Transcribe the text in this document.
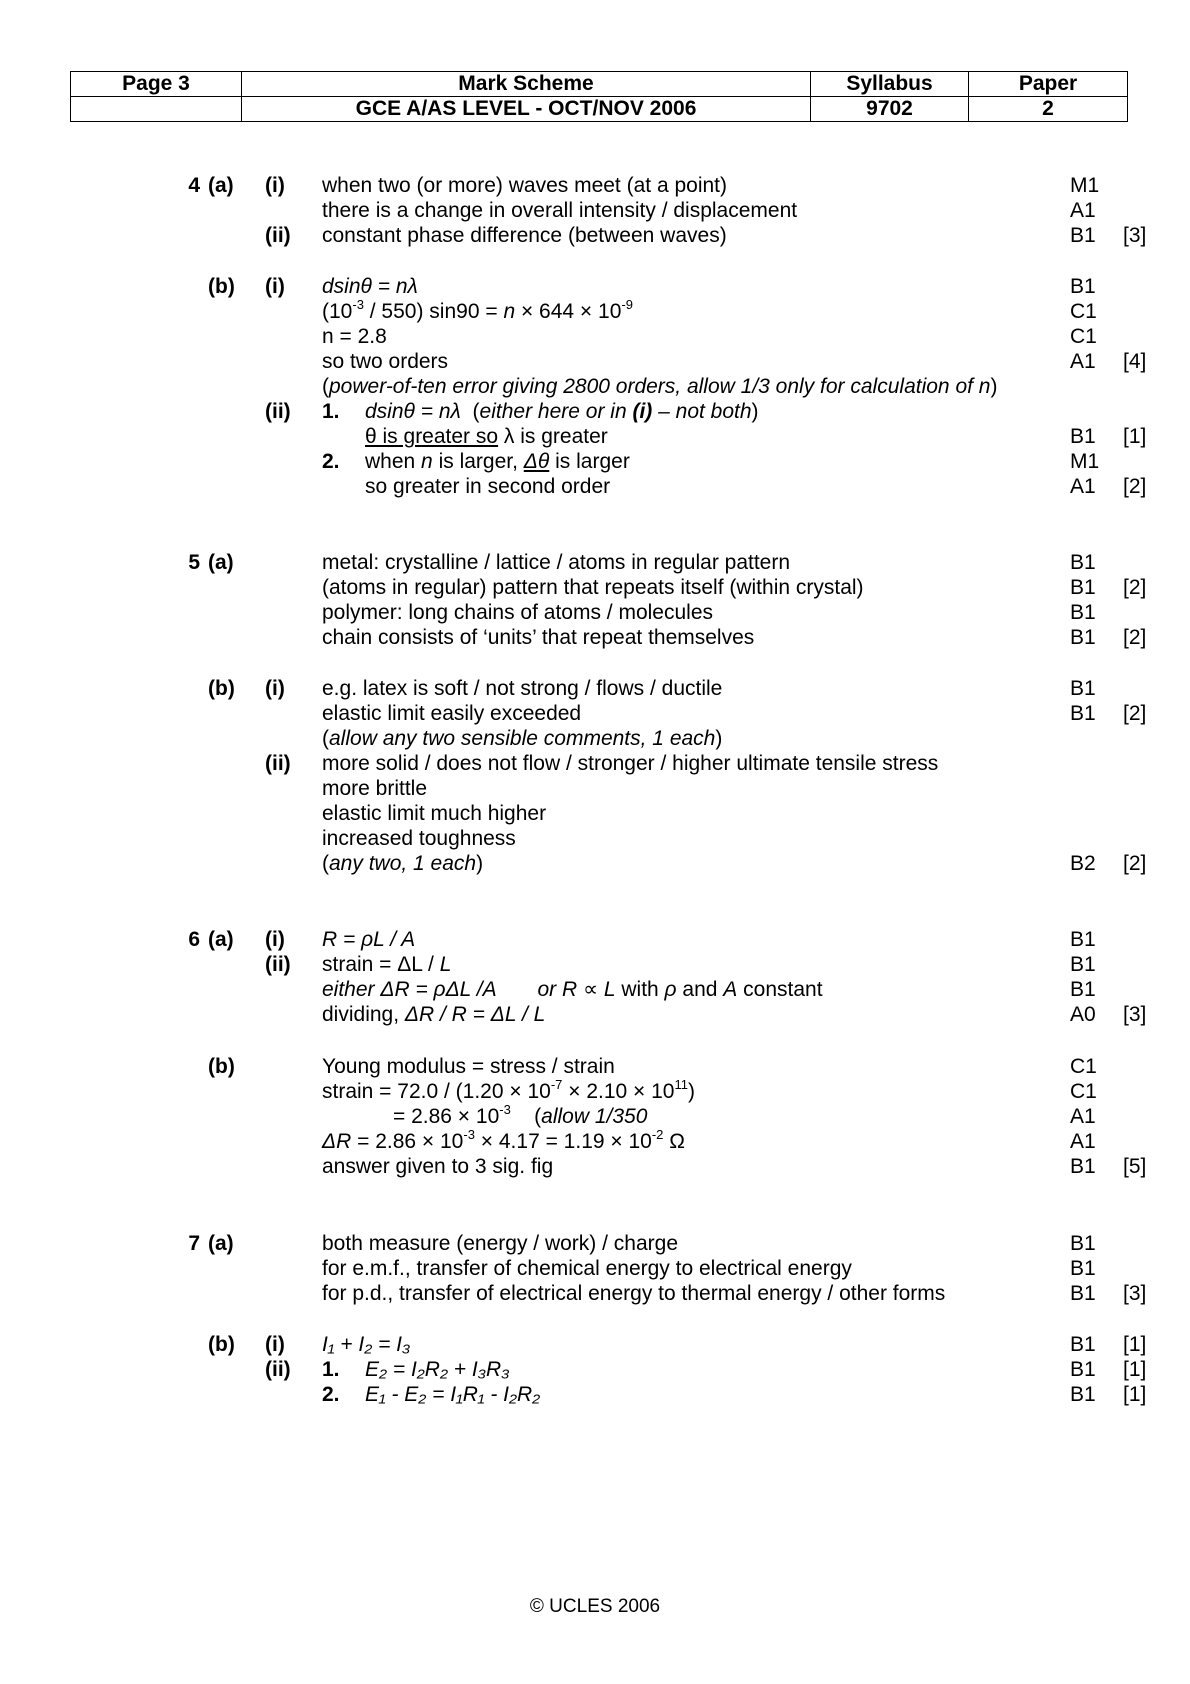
Page 3	Mark Scheme	Syllabus	Paper
	GCE A/AS LEVEL - OCT/NOV 2006	9702	2
4 (a) (i) when two (or more) waves meet (at a point)	M1
there is a change in overall intensity / displacement	A1
(ii) constant phase difference (between waves)	B1 [3]
(b) (i) dsinθ = nλ	B1
$(10^{-3} / 550) \sin 90 = n \times 644 \times 10^{-9}$	C1
n = 2.8	C1
so two orders	A1 [4]
(power-of-ten error giving 2800 orders, allow 1/3 only for calculation of n)
(ii) 1. dsinθ = nλ (either here or in (i) – not both)
θ is greater so λ is greater	B1 [1]
2. when n is larger, Δθ is larger	M1
so greater in second order	A1 [2]
5 (a)	metal: crystalline / lattice / atoms in regular pattern	B1
(atoms in regular) pattern that repeats itself (within crystal)	B1 [2]
polymer: long chains of atoms / molecules	B1
chain consists of ‘units’ that repeat themselves	B1 [2]
(b) (i) e.g. latex is soft / not strong / flows / ductile	B1
elastic limit easily exceeded	B1 [2]
(allow any two sensible comments, 1 each)
(ii) more solid / does not flow / stronger / higher ultimate tensile stress
more brittle
elastic limit much higher
increased toughness
(any two, 1 each)	B2 [2]
6 (a) (i) R = ρL / A	B1
(ii) strain = ΔL / L	B1
either ΔR = ρΔL /A or R ∝ L with ρ and A constant	B1
dividing, ΔR / R = ΔL / L	A0 [3]
(b)	Young modulus = stress / strain	C1
strain = $72.0 / (1.20 \times 10^{-7} \times 2.10 \times 10^{11})$	C1
= $2.86 \times 10^{-3}$    (allow 1/350	A1
$\Delta R = 2.86 \times 10^{-3} \times 4.17 = 1.19 \times 10^{-2}$ Ω	A1
answer given to 3 sig. fig	B1 [5]
7 (a)	both measure (energy / work) / charge	B1
for e.m.f., transfer of chemical energy to electrical energy	B1
for p.d., transfer of electrical energy to thermal energy / other forms	B1 [3]
(b) (i) I₁ + I₂ = I₃	B1 [1]
(ii) 1. E₂ = I₂R₂ + I₃R₃	B1 [1]
2. E₁ - E₂ = I₁R₁ - I₂R₂	B1 [1]
© UCLES 2006
